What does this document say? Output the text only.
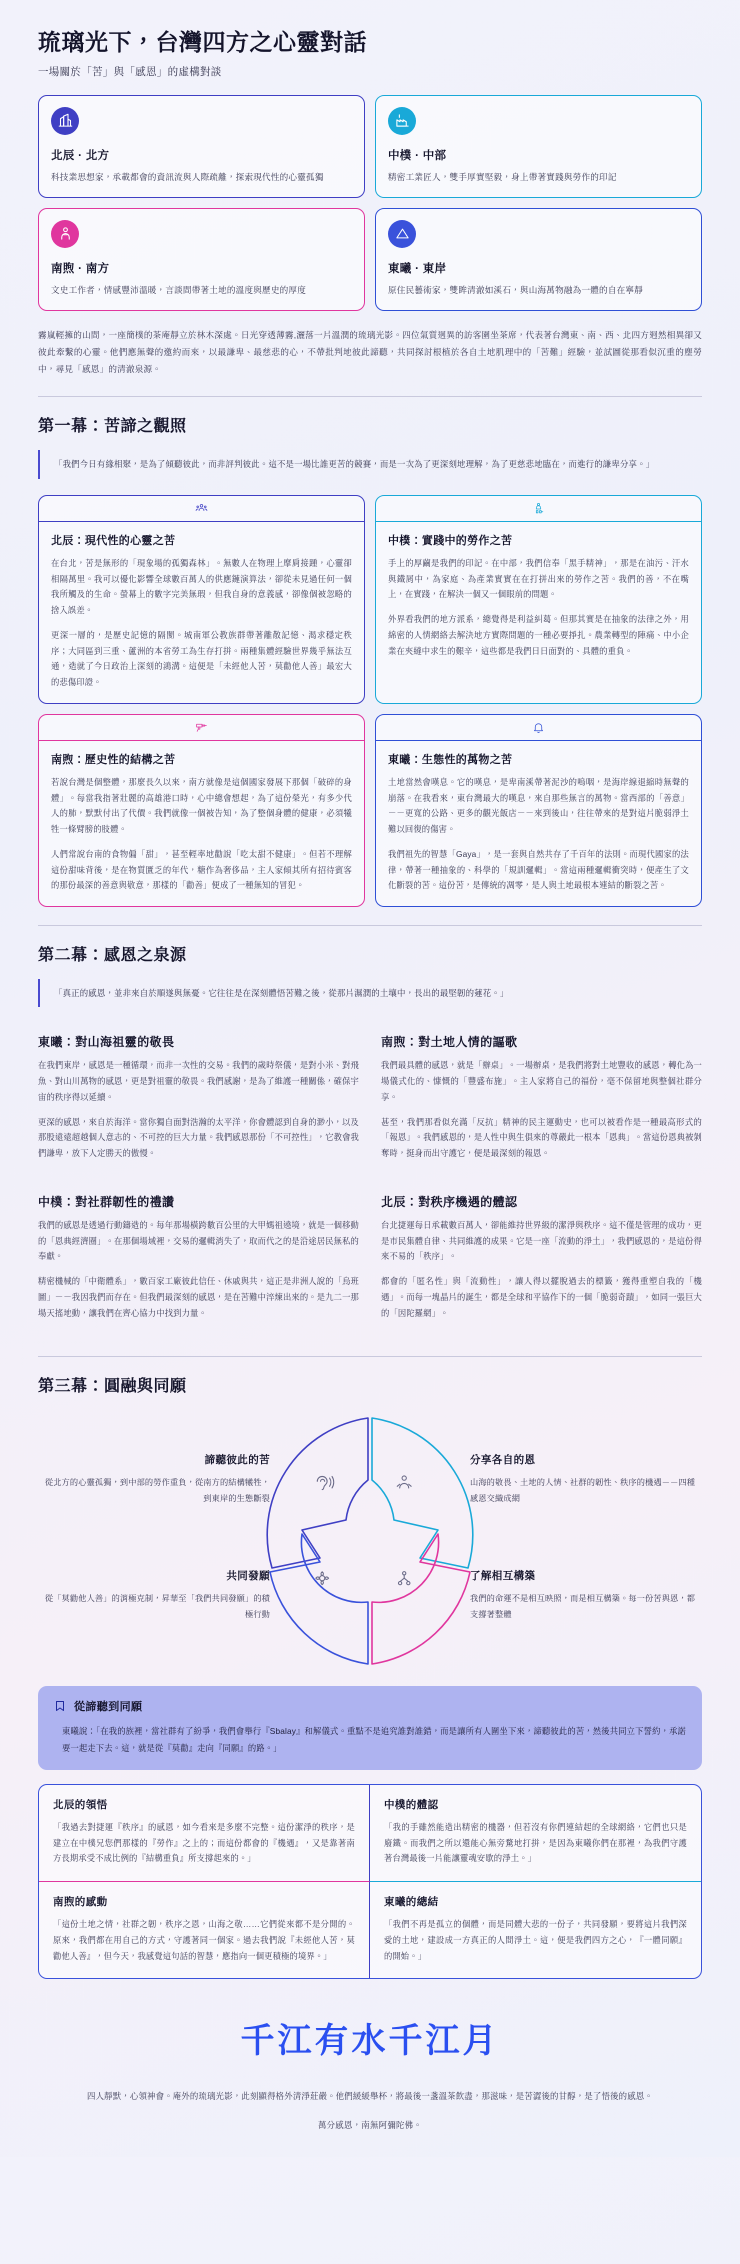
琉璃光下，台灣四方之心靈對話

一場關於「苦」與「感恩」的虛構對談

北辰 · 北方
科技業思想家，承載都會的資訊流與人際疏離，探索現代性的心靈孤獨
中樸 · 中部
精密工業匠人，雙手厚實堅毅，身上帶著實踐與勞作的印記
南煦 · 南方
文史工作者，情感豐沛溫暖，言談間帶著土地的溫度與歷史的厚度
東曦 · 東岸
原住民藝術家，雙眸清澈如溪石，與山海萬物融為一體的自在寧靜

霧嵐輕擁的山間，一座簡樸的茶庵靜立於林木深處。日光穿透薄霧,灑落一片溫潤的琉璃光影。四位氣質迥異的訪客圍坐茶席，代表著台灣東、南、西、北四方迥然相異卻又彼此牽繫的心靈。他們應無聲的邀約而來，以最謙卑、最慈悲的心，不帶批判地彼此諦聽，共同探討根植於各自土地肌理中的「苦難」經驗，並試圖從那看似沉重的塵勞中，尋見「感恩」的清澈泉源。

第一幕：苦諦之觀照

「我們今日有緣相聚，是為了傾聽彼此，而非評判彼此。這不是一場比誰更苦的競賽，而是一次為了更深刻地理解，為了更慈悲地臨在，而進行的謙卑分享。」

北辰：現代性的心靈之苦

在台北，苦是無形的「現象場的孤獨森林」。無數人在物理上摩肩接踵，心靈卻相隔萬里。我可以優化影響全球數百萬人的供應鏈演算法，卻從未見過任何一個我所觸及的生命。螢幕上的數字完美無瑕，但我自身的意義感，卻像個被忽略的捨入誤差。

更深一層的，是歷史記憶的隔閡。城南軍公教族群帶著離散記憶、渴求穩定秩序；大同區到三重、蘆洲的本省勞工為生存打拼。兩種集體經驗世界幾乎無法互通，造就了今日政治上深刻的鴻溝。這便是「未經他人苦，莫勸他人善」最宏大的悲傷印證。

中樸：實踐中的勞作之苦

手上的厚繭是我們的印記。在中部，我們信奉「黑手精神」，那是在油污、汗水與鐵屑中，為家庭、為產業實實在在打拼出來的勞作之苦。我們的善，不在嘴上，在實踐，在解決一個又一個眼前的問題。

外界看我們的地方派系，總覺得是利益糾葛。但那其實是在抽象的法律之外，用綿密的人情網絡去解決地方實際問題的一種必要掙扎。農業轉型的陣痛、中小企業在夾縫中求生的艱辛，這些都是我們日日面對的、具體的重負。

南煦：歷史性的結構之苦

若說台灣是個整體，那麼長久以來，南方就像是這個國家發展下那個「破碎的身體」。每當我指著壯麗的高雄港口時，心中總會想起，為了這份榮光，有多少代人的肺，默默付出了代價。我們就像一個被告知，為了整個身體的健康，必須犧牲一條臂膀的肢體。

人們常說台南的食物偏「甜」，甚至輕率地勸說「吃太甜不健康」。但若不理解這份甜味背後，是在物質匱乏的年代，糖作為奢侈品，主人家傾其所有招待賓客的那份最深的善意與敬意，那樣的「勸善」便成了一種無知的冒犯。

東曦：生態性的萬物之苦

土地當然會嘆息。它的嘆息，是卑南溪帶著泥沙的嗚咽，是海岸線退縮時無聲的崩落。在我看來，東台灣最大的嘆息，來自那些無言的萬物。當西部的「善意」－－更寬的公路、更多的觀光飯店－－來到後山，往往帶來的是對這片脆弱淨土難以回復的傷害。

我們祖先的智慧「Gaya」，是一套與自然共存了千百年的法則。而現代國家的法律，帶著一種抽象的、科學的「規訓邏輯」。當這兩種邏輯衝突時，便產生了文化斷裂的苦。這份苦，是傳統的凋零，是人與土地最根本連結的斷裂之苦。

第二幕：感恩之泉源

「真正的感恩，並非來自於順遂與無憂。它往往是在深刻體悟苦難之後，從那片濕潤的土壤中，長出的最堅韌的蓮花。」

東曦：對山海祖靈的敬畏

在我們東岸，感恩是一種循環，而非一次性的交易。我們的歲時祭儀，是對小米、對飛魚、對山川萬物的感恩，更是對祖靈的敬畏。我們感謝，是為了維護一種關係，確保宇宙的秩序得以延續。

更深的感恩，來自於海洋。當你獨自面對浩瀚的太平洋，你會體認到自身的渺小，以及那股遠遠超越個人意志的、不可控的巨大力量。我們感恩那份「不可控性」，它教會我們謙卑，放下人定勝天的傲慢。

南煦：對土地人情的謳歌

我們最具體的感恩，就是「辦桌」。一場辦桌，是我們將對土地豐收的感恩，轉化為一場儀式化的、慷慨的「豐盛布施」。主人家將自己的福份，毫不保留地與整個社群分享。

甚至，我們那看似充滿「反抗」精神的民主運動史，也可以被看作是一種最高形式的「報恩」。我們感恩的，是人性中與生俱來的尊嚴此一根本「恩典」。當這份恩典被剝奪時，挺身而出守護它，便是最深刻的報恩。

中樸：對社群韌性的禮讚

我們的感恩是透過行動鑄造的。每年那場橫跨數百公里的大甲媽祖遶境，就是一個移動的「恩典經濟圈」。在那個場域裡，交易的邏輯消失了，取而代之的是沿途居民無私的奉獻。

精密機械的「中衛體系」，數百家工廠彼此信任、休戚與共，這正是非洲人說的「烏班圖」－－我因我們而存在。但我們最深刻的感恩，是在苦難中淬煉出來的。是九二一那場天搖地動，讓我們在齊心協力中找到力量。

北辰：對秩序機遇的體認

台北捷運每日承載數百萬人，卻能維持世界級的潔淨與秩序。這不僅是管理的成功，更是市民集體自律、共同維護的成果。它是一座「流動的淨土」，我們感恩的，是這份得來不易的「秩序」。

都會的「匿名性」與「流動性」，讓人得以擺脫過去的標籤，獲得重塑自我的「機遇」。而每一塊晶片的誕生，都是全球和平協作下的一個「脆弱奇蹟」，如同一張巨大的「因陀羅網」。

第三幕：圓融與同願
諦聽彼此的苦
從北方的心靈孤獨，到中部的勞作重負，從南方的結構犧牲，到東岸的生態斷裂
分享各自的恩
山海的敬畏、土地的人情、社群的韌性、秩序的機遇－－四種感恩交織成網
共同發願
從「莫勸他人善」的消極克制，昇華至「我們共同發願」的積極行動
了解相互構築
我們的命運不是相互映照，而是相互構築。每一份苦與恩，都支撐著整體
從諦聽到同願

東曦說：「在我的族裡，當社群有了紛爭，我們會舉行『Sbalay』和解儀式。重點不是追究誰對誰錯，而是讓所有人圍坐下來，諦聽彼此的苦，然後共同立下誓約，承諾要一起走下去。這，就是從『莫勸』走向『同願』的路。」

北辰的領悟

「我過去對捷運『秩序』的感恩，如今看來是多麼不完整。這份潔淨的秩序，是建立在中樸兄您們那樣的『勞作』之上的；而這份都會的『機遇』，又是靠著南方長期承受不成比例的『結構重負』所支撐起來的。」

中樸的體認

「我的手雖然能造出精密的機器，但若沒有你們連結起的全球網絡，它們也只是廢鐵。而我們之所以還能心無旁騖地打拼，是因為東曦你們在那裡，為我們守護著台灣最後一片能讓靈魂安歇的淨土。」

南煦的感動

「這份土地之情，社群之韌，秩序之恩，山海之敬……它們從來都不是分開的。原來，我們都在用自己的方式，守護著同一個家。過去我們說『未經他人苦，莫勸他人善』，但今天，我感覺這句話的智慧，應指向一個更積極的境界。」

東曦的總結

「我們不再是孤立的個體，而是同體大悲的一份子，共同發願，要將這片我們深愛的土地，建設成一方真正的人間淨土。這，便是我們四方之心，『一體同願』的開始。」

千江有水千江月

四人靜默，心領神會。庵外的琉璃光影，此刻顯得格外清淨莊嚴。他們緩緩舉杯，將最後一盞溫茶飲盡，那滋味，是苦澀後的甘醇，是了悟後的感恩。

萬分感恩，南無阿彌陀佛。
